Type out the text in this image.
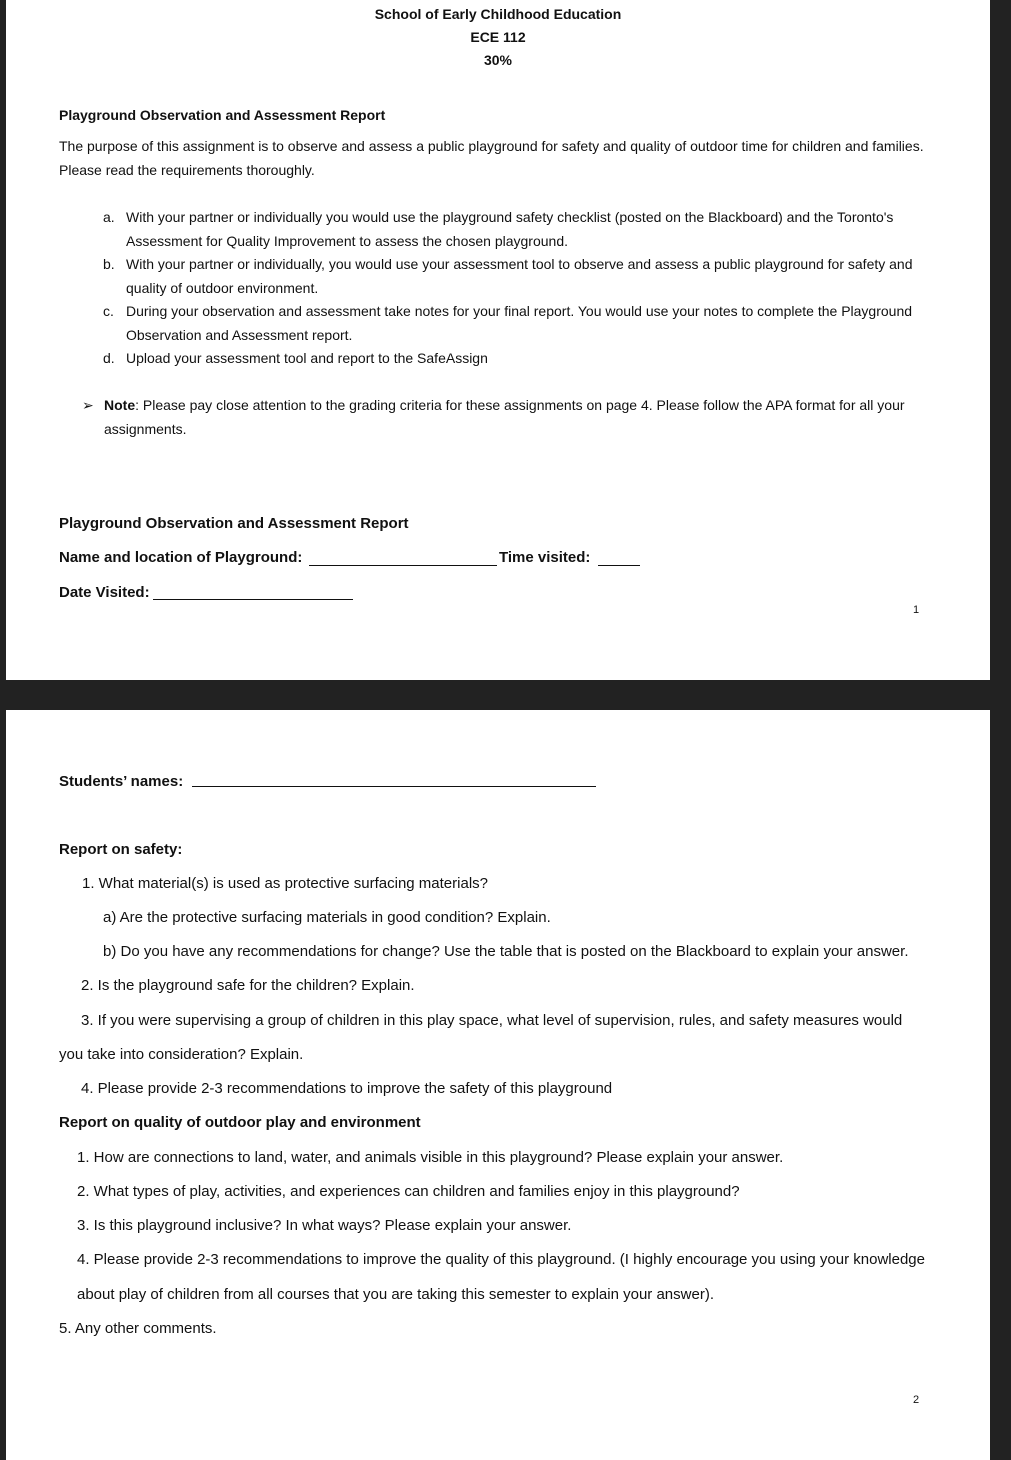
School of Early Childhood Education
ECE 112
30%
Playground Observation and Assessment Report
The purpose of this assignment is to observe and assess a public playground for safety and quality of outdoor time for children and families.
Please read the requirements thoroughly.
a. With your partner or individually you would use the playground safety checklist (posted on the Blackboard) and the Toronto's
Assessment for Quality Improvement to assess the chosen playground.
b. With your partner or individually, you would use your assessment tool to observe and assess a public playground for safety and
quality of outdoor environment.
c. During your observation and assessment take notes for your final report. You would use your notes to complete the Playground
Observation and Assessment report.
d. Upload your assessment tool and report to the SafeAssign
➢ Note: Please pay close attention to the grading criteria for these assignments on page 4. Please follow the APA format for all your
assignments.
Playground Observation and Assessment Report
Name and location of Playground:	Time visited:
Date Visited:
1
Students’ names:
Report on safety:
1. What material(s) is used as protective surfacing materials?
a) Are the protective surfacing materials in good condition? Explain.
b) Do you have any recommendations for change? Use the table that is posted on the Blackboard to explain your answer.
2. Is the playground safe for the children? Explain.
3. If you were supervising a group of children in this play space, what level of supervision, rules, and safety measures would
you take into consideration? Explain.
4. Please provide 2-3 recommendations to improve the safety of this playground
Report on quality of outdoor play and environment
1. How are connections to land, water, and animals visible in this playground? Please explain your answer.
2. What types of play, activities, and experiences can children and families enjoy in this playground?
3. Is this playground inclusive? In what ways? Please explain your answer.
4. Please provide 2-3 recommendations to improve the quality of this playground. (I highly encourage you using your knowledge
about play of children from all courses that you are taking this semester to explain your answer).
5. Any other comments.
2
